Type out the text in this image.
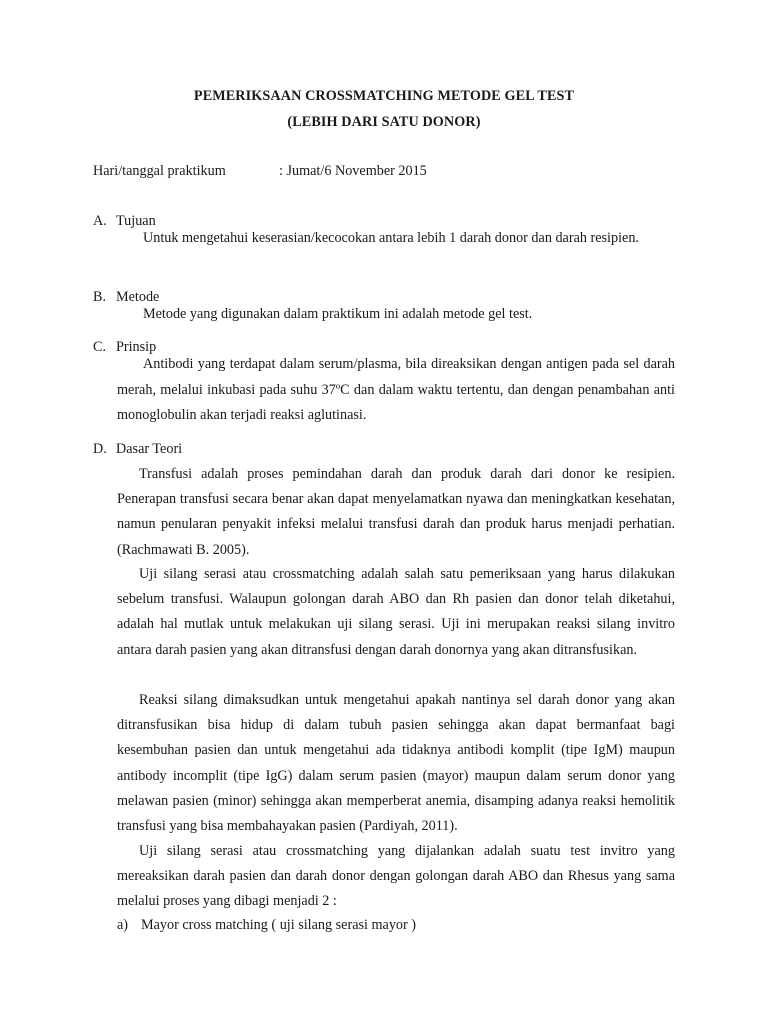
PEMERIKSAAN CROSSMATCHING METODE GEL TEST
(LEBIH DARI SATU DONOR)
Hari/tanggal praktikum	: Jumat/6 November 2015
A. Tujuan

Untuk mengetahui keserasian/kecocokan antara lebih 1 darah donor dan darah resipien.

B. Metode

Metode yang digunakan dalam praktikum ini adalah metode gel test.

C. Prinsip

Antibodi yang terdapat dalam serum/plasma, bila direaksikan dengan antigen pada sel darah merah, melalui inkubasi pada suhu 37ºC dan dalam waktu tertentu, dan dengan penambahan anti monoglobulin akan terjadi reaksi aglutinasi.

D. Dasar Teori

Transfusi adalah proses pemindahan darah dan produk darah dari donor ke resipien. Penerapan transfusi secara benar akan dapat menyelamatkan nyawa dan meningkatkan kesehatan, namun penularan penyakit infeksi melalui transfusi darah dan produk harus menjadi perhatian. (Rachmawati B. 2005).

Uji silang serasi atau crossmatching adalah salah satu pemeriksaan yang harus dilakukan sebelum transfusi. Walaupun golongan darah ABO dan Rh pasien dan donor telah diketahui, adalah hal mutlak untuk melakukan uji silang serasi. Uji ini merupakan reaksi silang invitro antara darah pasien yang akan ditransfusi dengan darah donornya yang akan ditransfusikan.

Reaksi silang dimaksudkan untuk mengetahui apakah nantinya sel darah donor yang akan ditransfusikan bisa hidup di dalam tubuh pasien sehingga akan dapat bermanfaat bagi kesembuhan pasien dan untuk mengetahui ada tidaknya antibodi komplit (tipe IgM) maupun antibody incomplit (tipe IgG) dalam serum pasien (mayor) maupun dalam serum donor yang melawan pasien (minor) sehingga akan memperberat anemia, disamping adanya reaksi hemolitik transfusi yang bisa membahayakan pasien (Pardiyah, 2011).

Uji silang serasi atau crossmatching yang dijalankan adalah suatu test invitro yang mereaksikan darah pasien dan darah donor dengan golongan darah ABO dan Rhesus yang sama melalui proses yang dibagi menjadi 2 :

a) Mayor cross matching ( uji silang serasi mayor )
